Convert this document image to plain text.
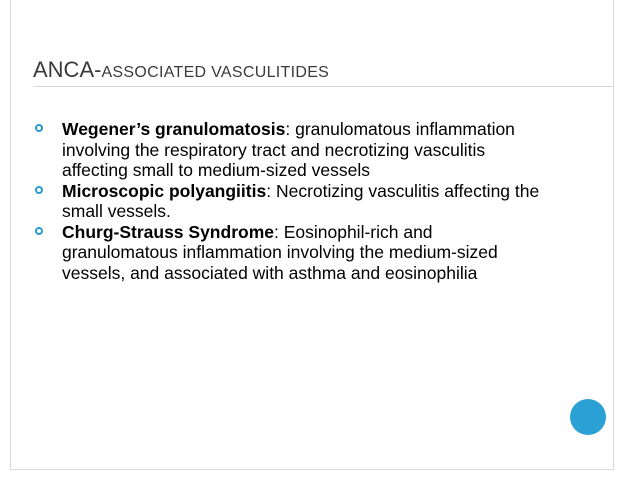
ANCA-ASSOCIATED VASCULITIDES
Wegener’s granulomatosis: granulomatous inflammation involving the respiratory tract and necrotizing vasculitis affecting small to medium-sized vessels
Microscopic polyangiitis: Necrotizing vasculitis affecting the small vessels.
Churg-Strauss Syndrome: Eosinophil-rich and granulomatous inflammation involving the medium-sized vessels, and associated with asthma and eosinophilia
